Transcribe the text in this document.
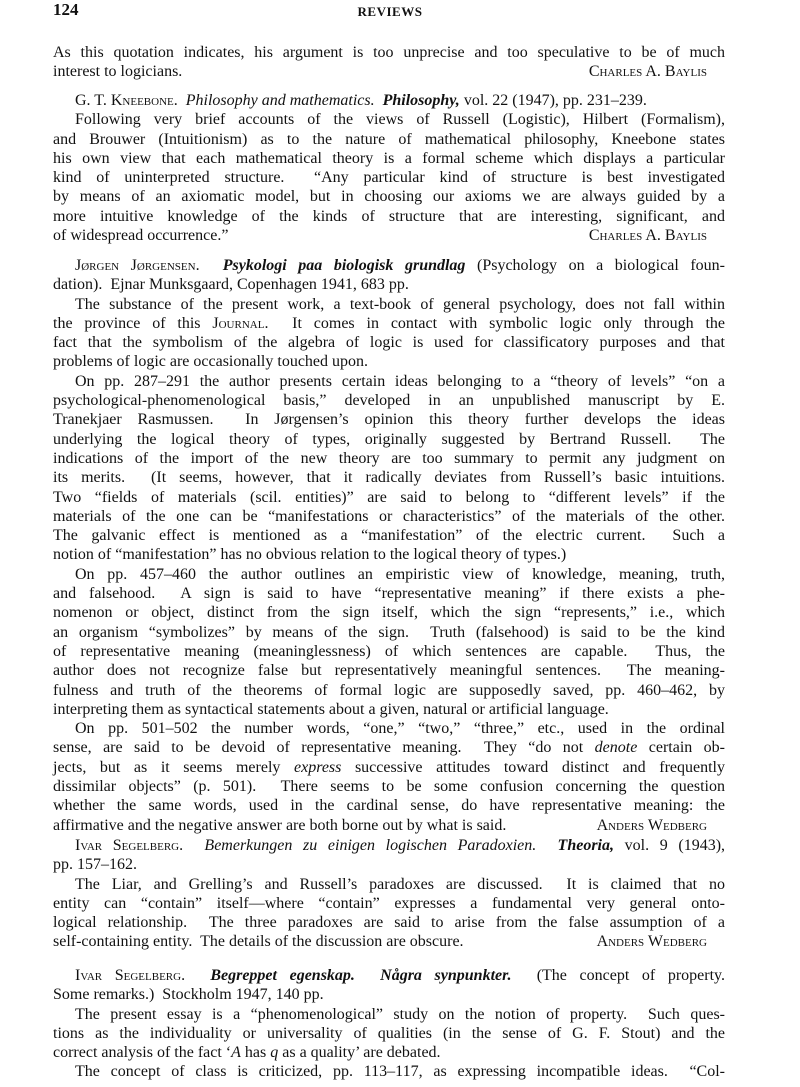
124	REVIEWS
As this quotation indicates, his argument is too unprecise and too speculative to be of much
interest to logicians.	Charles A. Baylis
G. T. Kneebone. Philosophy and mathematics. Philosophy, vol. 22 (1947), pp. 231–239.
Following very brief accounts of the views of Russell (Logistic), Hilbert (Formalism),
and Brouwer (Intuitionism) as to the nature of mathematical philosophy, Kneebone states
his own view that each mathematical theory is a formal scheme which displays a particular
kind of uninterpreted structure.  “Any particular kind of structure is best investigated
by means of an axiomatic model, but in choosing our axioms we are always guided by a
more intuitive knowledge of the kinds of structure that are interesting, significant, and
of widespread occurrence.”	Charles A. Baylis
Jørgen Jørgensen. Psykologi paa biologisk grundlag (Psychology on a biological foun-
dation).  Ejnar Munksgaard, Copenhagen 1941, 683 pp.
The substance of the present work, a text-book of general psychology, does not fall within
the province of this Journal.  It comes in contact with symbolic logic only through the
fact that the symbolism of the algebra of logic is used for classificatory purposes and that
problems of logic are occasionally touched upon.
On pp. 287–291 the author presents certain ideas belonging to a “theory of levels” “on a
psychological-phenomenological basis,” developed in an unpublished manuscript by E.
Tranekjaer Rasmussen.  In Jørgensen’s opinion this theory further develops the ideas
underlying the logical theory of types, originally suggested by Bertrand Russell.  The
indications of the import of the new theory are too summary to permit any judgment on
its merits.  (It seems, however, that it radically deviates from Russell’s basic intuitions.
Two “fields of materials (scil. entities)” are said to belong to “different levels” if the
materials of the one can be “manifestations or characteristics” of the materials of the other.
The galvanic effect is mentioned as a “manifestation” of the electric current.  Such a
notion of “manifestation” has no obvious relation to the logical theory of types.)
On pp. 457–460 the author outlines an empiristic view of knowledge, meaning, truth,
and falsehood.  A sign is said to have “representative meaning” if there exists a phe-
nomenon or object, distinct from the sign itself, which the sign “represents,” i.e., which
an organism “symbolizes” by means of the sign.  Truth (falsehood) is said to be the kind
of representative meaning (meaninglessness) of which sentences are capable.  Thus, the
author does not recognize false but representatively meaningful sentences.  The meaning-
fulness and truth of the theorems of formal logic are supposedly saved, pp. 460–462, by
interpreting them as syntactical statements about a given, natural or artificial language.
On pp. 501–502 the number words, “one,” “two,” “three,” etc., used in the ordinal
sense, are said to be devoid of representative meaning.  They “do not denote certain ob-
jects, but as it seems merely express successive attitudes toward distinct and frequently
dissimilar objects” (p. 501).  There seems to be some confusion concerning the question
whether the same words, used in the cardinal sense, do have representative meaning: the
affirmative and the negative answer are both borne out by what is said.	Anders Wedberg
Ivar Segelberg. Bemerkungen zu einigen logischen Paradoxien. Theoria, vol. 9 (1943),
pp. 157–162.
The Liar, and Grelling’s and Russell’s paradoxes are discussed.  It is claimed that no
entity can “contain” itself—where “contain” expresses a fundamental very general onto-
logical relationship.  The three paradoxes are said to arise from the false assumption of a
self-containing entity.  The details of the discussion are obscure.	Anders Wedberg
Ivar Segelberg. Begreppet egenskap.  Några synpunkter.  (The concept of property.
Some remarks.)  Stockholm 1947, 140 pp.
The present essay is a “phenomenological” study on the notion of property.  Such ques-
tions as the individuality or universality of qualities (in the sense of G. F. Stout) and the
correct analysis of the fact ‘A has q as a quality’ are debated.
The concept of class is criticized, pp. 113–117, as expressing incompatible ideas.  “Col-
